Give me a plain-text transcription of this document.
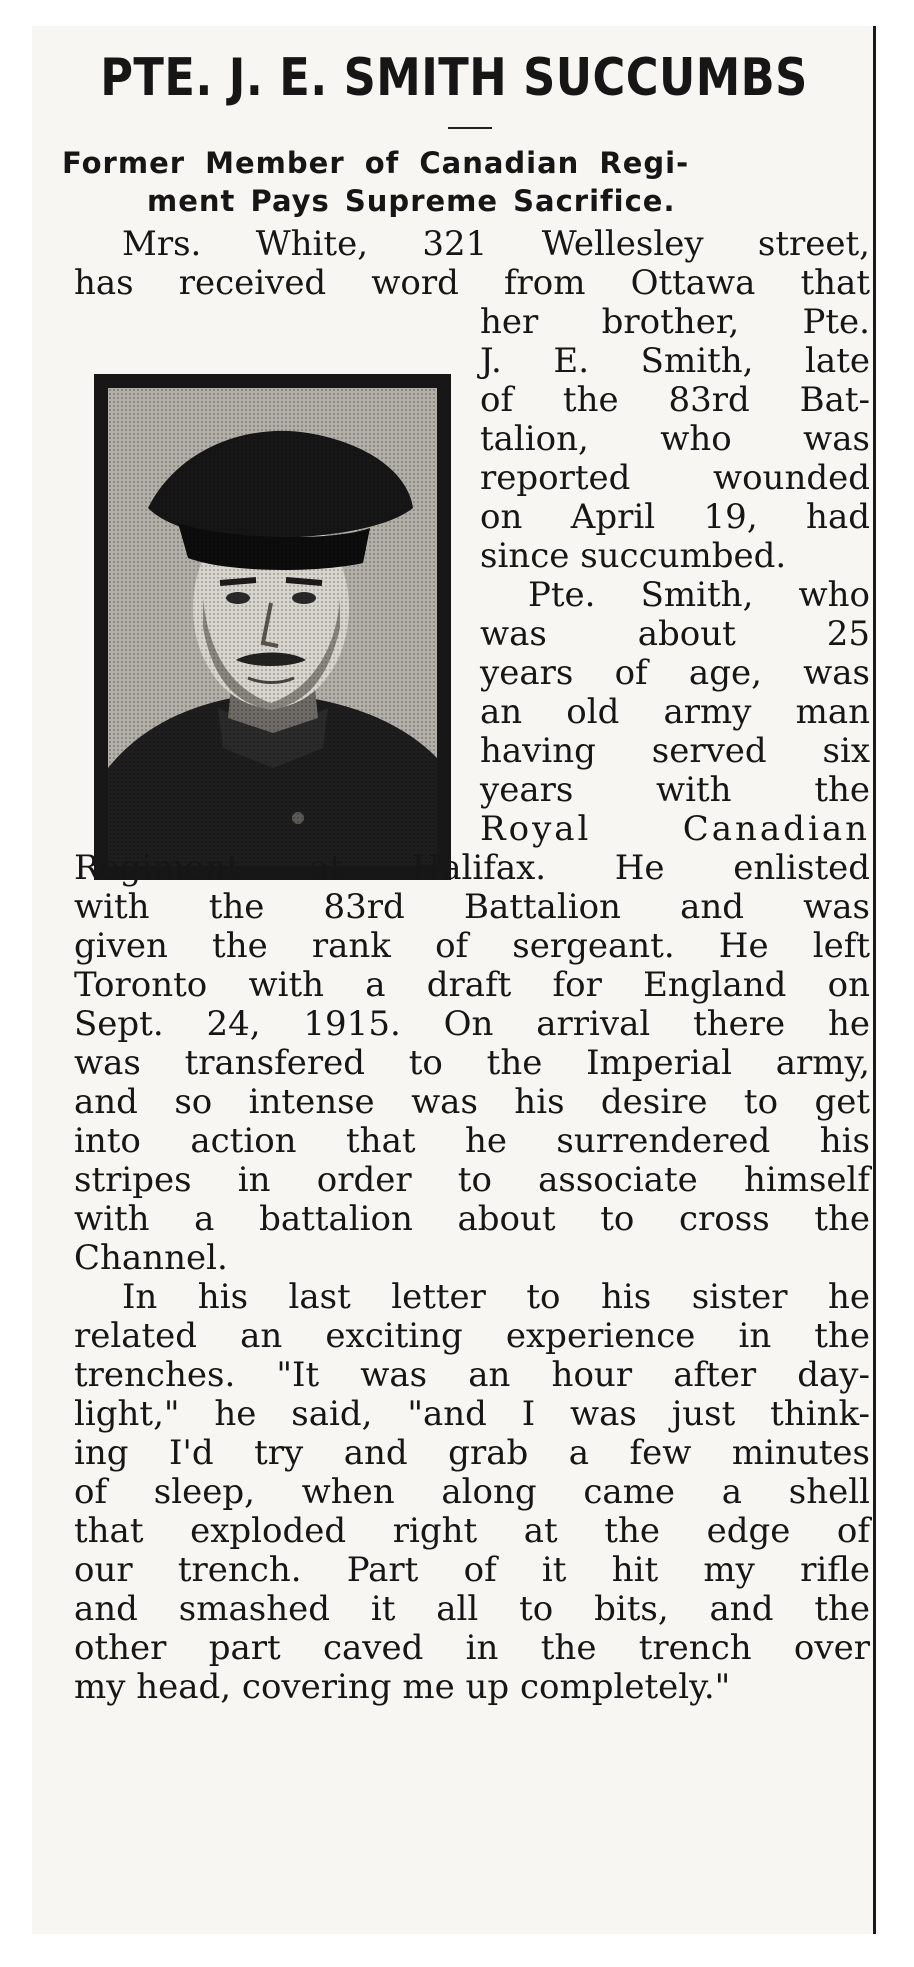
PTE. J. E. SMITH SUCCUMBS
Former Member of Canadian Regi-
ment Pays Supreme Sacrifice.
Mrs. White, 321 Wellesley street,
has received word from Ottawa that
her brother, Pte.
J. E. Smith, late
of the 83rd Bat-
talion, who was
reported wounded
on April 19, had
since succumbed.
Pte. Smith, who
was about 25
years of age, was
an old army man
having served six
years with the
Royal Canadian
Regiment at Halifax. He enlisted
with the 83rd Battalion and was
given the rank of sergeant. He left
Toronto with a draft for England on
Sept. 24, 1915. On arrival there he
was transfered to the Imperial army,
and so intense was his desire to get
into action that he surrendered his
stripes in order to associate himself
with a battalion about to cross the
Channel.
In his last letter to his sister he
related an exciting experience in the
trenches. "It was an hour after day-
light," he said, "and I was just think-
ing I'd try and grab a few minutes
of sleep, when along came a shell
that exploded right at the edge of
our trench. Part of it hit my rifle
and smashed it all to bits, and the
other part caved in the trench over
my head, covering me up completely."
